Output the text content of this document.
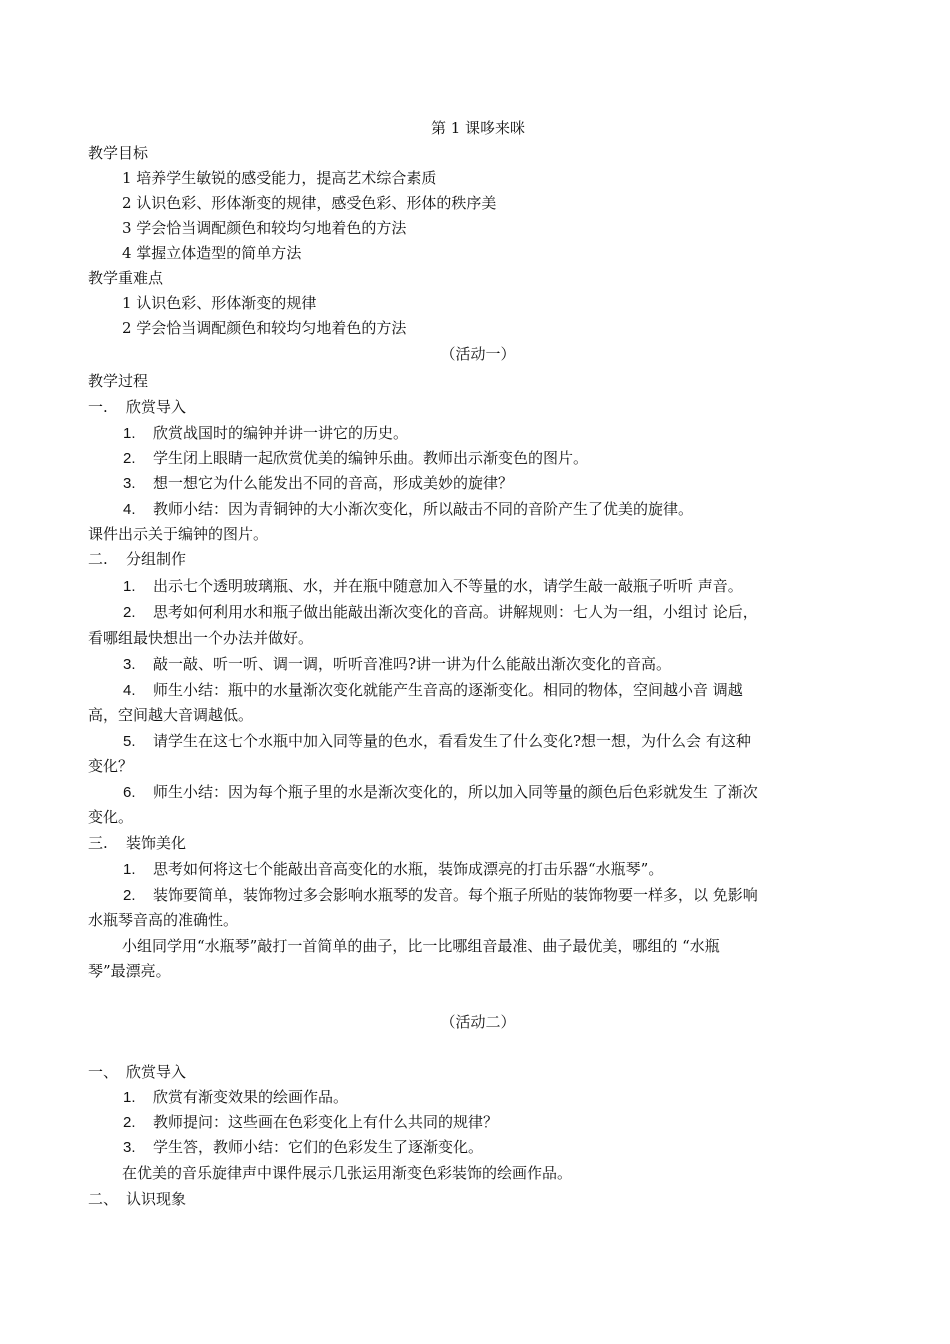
第 1 课哆来咪
教学目标
1 培养学生敏锐的感受能力，提高艺术综合素质
2 认识色彩、形体渐变的规律，感受色彩、形体的秩序美
3 学会恰当调配颜色和较均匀地着色的方法
4 掌握立体造型的简单方法
教学重难点
1 认识色彩、形体渐变的规律
2 学会恰当调配颜色和较均匀地着色的方法
（活动一）
教学过程
一. 欣赏导入
1. 欣赏战国时的编钟并讲一讲它的历史。
2. 学生闭上眼睛一起欣赏优美的编钟乐曲。教师出示渐变色的图片。
3. 想一想它为什么能发出不同的音高，形成美妙的旋律？
4. 教师小结：因为青铜钟的大小渐次变化，所以敲击不同的音阶产生了优美的旋律。
课件出示关于编钟的图片。
二. 分组制作
1. 出示七个透明玻璃瓶、水，并在瓶中随意加入不等量的水，请学生敲一敲瓶子听听 声音。
2. 思考如何利用水和瓶子做出能敲出渐次变化的音高。讲解规则：七人为一组，小组讨 论后，
看哪组最快想出一个办法并做好。
3. 敲一敲、听一听、调一调，听听音准吗?讲一讲为什么能敲出渐次变化的音高。
4. 师生小结：瓶中的水量渐次变化就能产生音高的逐渐变化。相同的物体，空间越小音 调越
高，空间越大音调越低。
5. 请学生在这七个水瓶中加入同等量的色水，看看发生了什么变化?想一想，为什么会 有这种
变化？
6. 师生小结：因为每个瓶子里的水是渐次变化的，所以加入同等量的颜色后色彩就发生 了渐次
变化。
三. 装饰美化
1. 思考如何将这七个能敲出音高变化的水瓶，装饰成漂亮的打击乐器“水瓶琴”。
2. 装饰要简单，装饰物过多会影响水瓶琴的发音。每个瓶子所贴的装饰物要一样多，以 免影响
水瓶琴音高的准确性。
小组同学用“水瓶琴”敲打一首简单的曲子，比一比哪组音最准、曲子最优美，哪组的 “水瓶
琴”最漂亮。
（活动二）
一、 欣赏导入
1. 欣赏有渐变效果的绘画作品。
2. 教师提问：这些画在色彩变化上有什么共同的规律？
3. 学生答，教师小结：它们的色彩发生了逐渐变化。
在优美的音乐旋律声中课件展示几张运用渐变色彩装饰的绘画作品。
二、 认识现象
